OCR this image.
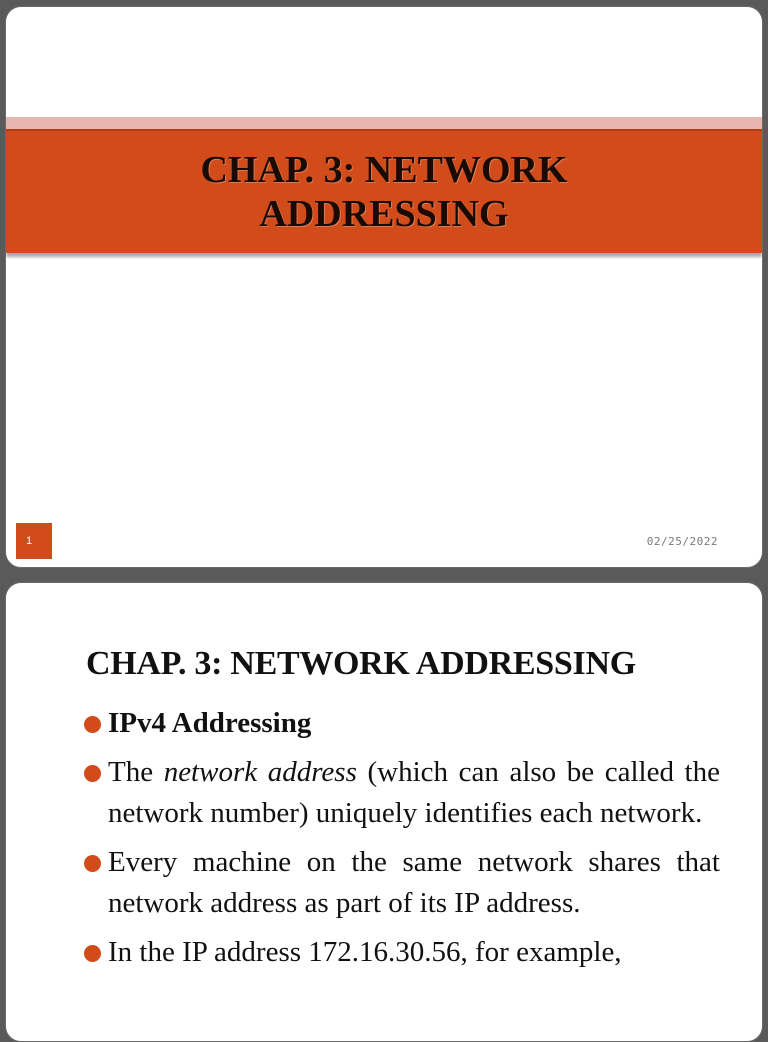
CHAP. 3: NETWORK
ADDRESSING
1	02/25/2022
CHAP. 3: NETWORK ADDRESSING
IPv4 Addressing
The network address (which can also be called the network number) uniquely identifies each network.
Every machine on the same network shares that network address as part of its IP address.
In the IP address 172.16.30.56, for example,
